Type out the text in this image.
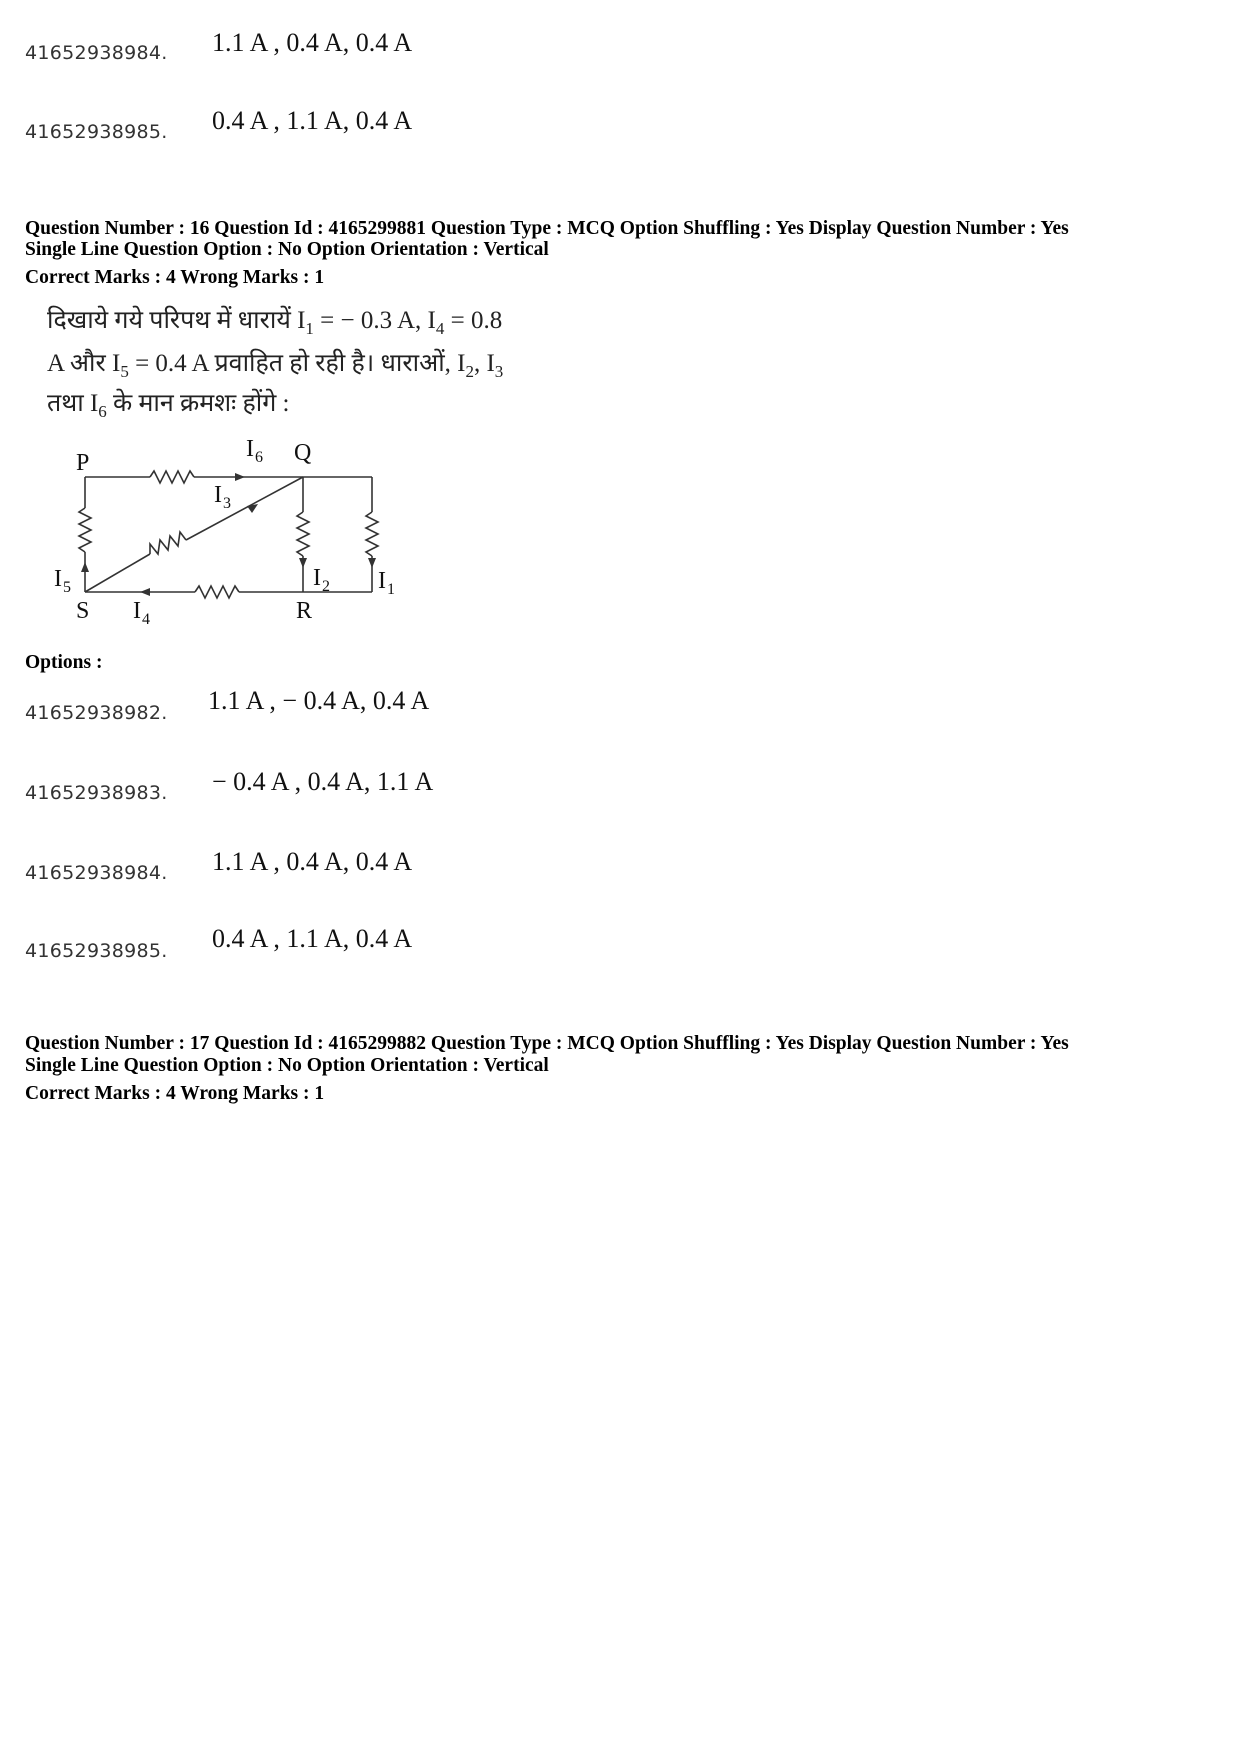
41652938984. 1.1 A , 0.4 A, 0.4 A
41652938985. 0.4 A , 1.1 A, 0.4 A
Question Number : 16 Question Id : 4165299881 Question Type : MCQ Option Shuffling : Yes Display Question Number : Yes
Single Line Question Option : No Option Orientation : Vertical
Correct Marks : 4 Wrong Marks : 1
दिखाये गये परिपथ में धारायें $I_1$ = − 0.3 A, $I_4 = 0.8$
A और $I_5 = 0.4$ A प्रवाहित हो रही है। धाराओं, $I_2$, $I_3$
तथा $I_6$ के मान क्रमशः होंगे :
P	Q
S	R
I 6
I 3
I 2 I 1
I 5
I 4
Options :
41652938982. 1.1 A , − 0.4 A, 0.4 A
41652938983. − 0.4 A , 0.4 A, 1.1 A
41652938984. 1.1 A , 0.4 A, 0.4 A
41652938985. 0.4 A , 1.1 A, 0.4 A
Question Number : 17 Question Id : 4165299882 Question Type : MCQ Option Shuffling : Yes Display Question Number : Yes
Single Line Question Option : No Option Orientation : Vertical
Correct Marks : 4 Wrong Marks : 1
